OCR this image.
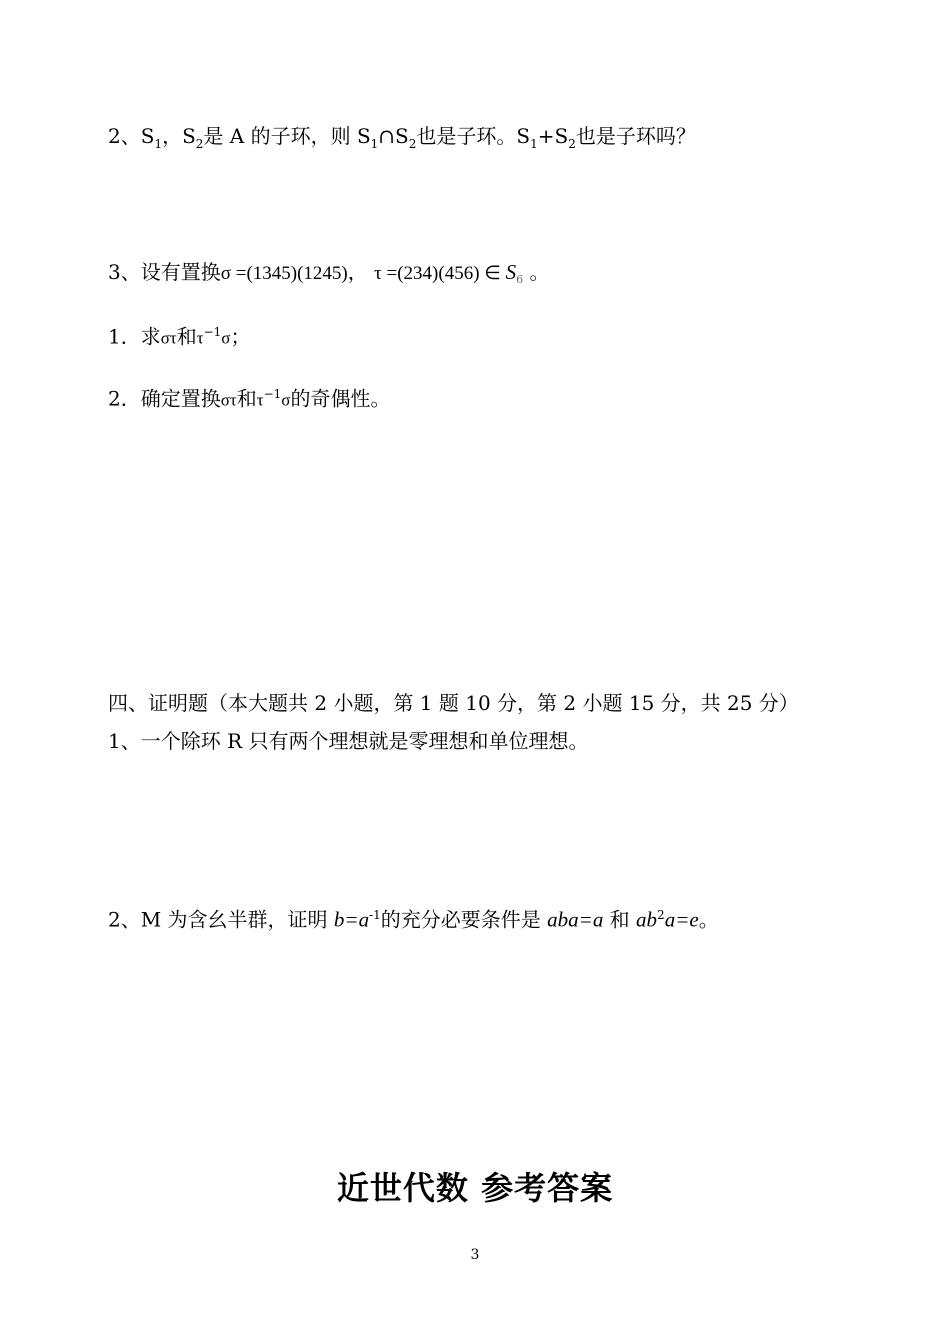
2、$S_1$，$S_2$是 A 的子环，则 $S_1\cap S_2$也是子环。$S_1+S_2$也是子环吗？
3、设有置换σ =(1345)(1245)， τ =(234)(456) ∈ $S_6$ 。
1．求στ和$\tau^{-1}\sigma$；
2．确定置换στ和$\tau^{-1}\sigma$的奇偶性。
四、证明题（本大题共 2 小题，第 1 题 10 分，第 2 小题 15 分，共 25 分）
1、一个除环 R 只有两个理想就是零理想和单位理想。
2、M 为含幺半群，证明 $b=a^{-1}$的充分必要条件是 aba=a 和 $ab^2a=e$。
近世代数 参考答案
3
